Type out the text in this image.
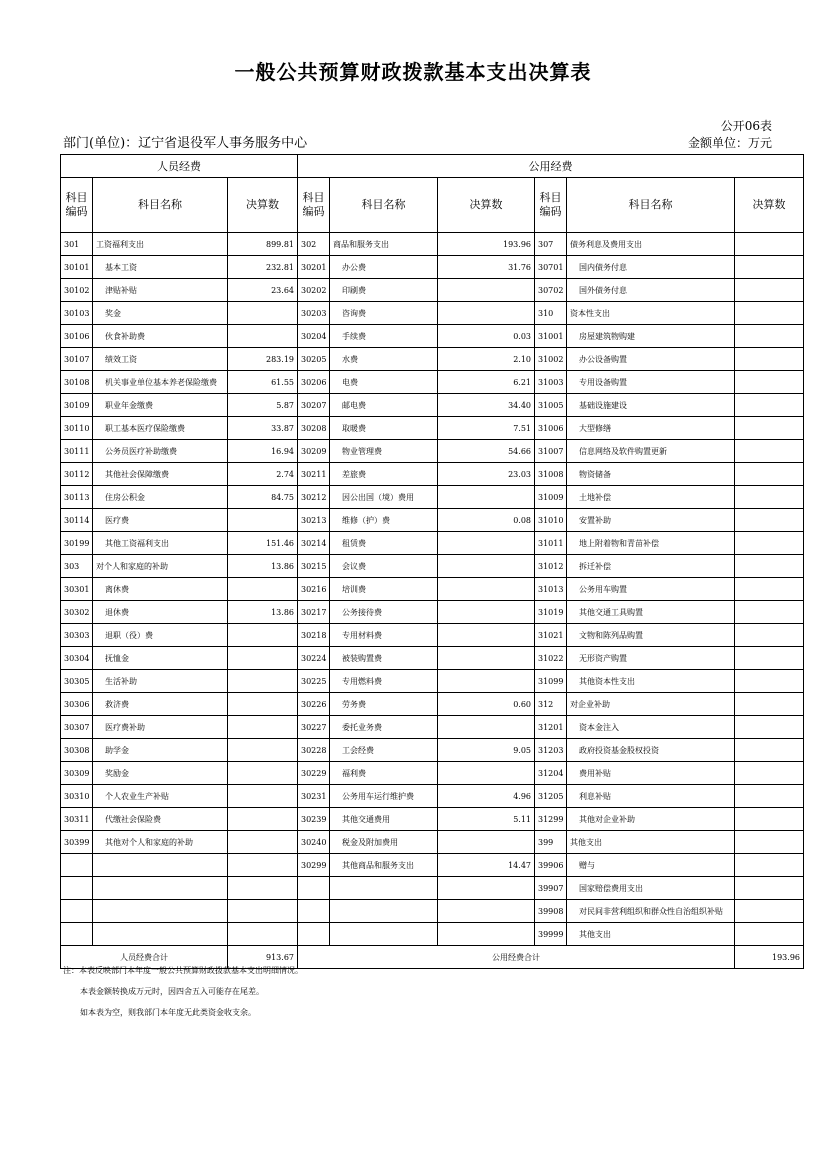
一般公共预算财政拨款基本支出决算表
公开06表
部门(单位)：辽宁省退役军人事务服务中心	金额单位：万元
人员经费			公用经费					
科目
编码	科目名称	决算数	科目
编码	科目名称	决算数	科目
编码	科目名称	决算数
301	工资福利支出	899.81	302	商品和服务支出	193.96	307	债务利息及费用支出	
30101	基本工资	232.81	30201	办公费	31.76	30701	国内债务付息	
30102	津贴补贴	23.64	30202	印刷费		30702	国外债务付息	
30103	奖金		30203	咨询费		310	资本性支出	
30106	伙食补助费		30204	手续费	0.03	31001	房屋建筑物购建	
30107	绩效工资	283.19	30205	水费	2.10	31002	办公设备购置	
30108	机关事业单位基本养老保险缴费	61.55	30206	电费	6.21	31003	专用设备购置	
30109	职业年金缴费	5.87	30207	邮电费	34.40	31005	基础设施建设	
30110	职工基本医疗保险缴费	33.87	30208	取暖费	7.51	31006	大型修缮	
30111	公务员医疗补助缴费	16.94	30209	物业管理费	54.66	31007	信息网络及软件购置更新	
30112	其他社会保障缴费	2.74	30211	差旅费	23.03	31008	物资储备	
30113	住房公积金	84.75	30212	因公出国（境）费用		31009	土地补偿	
30114	医疗费		30213	维修（护）费	0.08	31010	安置补助	
30199	其他工资福利支出	151.46	30214	租赁费		31011	地上附着物和青苗补偿	
303	对个人和家庭的补助	13.86	30215	会议费		31012	拆迁补偿	
30301	离休费		30216	培训费		31013	公务用车购置	
30302	退休费	13.86	30217	公务接待费		31019	其他交通工具购置	
30303	退职（役）费		30218	专用材料费		31021	文物和陈列品购置	
30304	抚恤金		30224	被装购置费		31022	无形资产购置	
30305	生活补助		30225	专用燃料费		31099	其他资本性支出	
30306	救济费		30226	劳务费	0.60	312	对企业补助	
30307	医疗费补助		30227	委托业务费		31201	资本金注入	
30308	助学金		30228	工会经费	9.05	31203	政府投资基金股权投资	
30309	奖励金		30229	福利费		31204	费用补贴	
30310	个人农业生产补贴		30231	公务用车运行维护费	4.96	31205	利息补贴	
30311	代缴社会保险费		30239	其他交通费用	5.11	31299	其他对企业补助	
30399	其他对个人和家庭的补助		30240	税金及附加费用		399	其他支出	
			30299	其他商品和服务支出	14.47	39906	赠与	
						39907	国家赔偿费用支出	
						39908	对民间非营利组织和群众性自治组织补贴	
						39999	其他支出	
人员经费合计		913.67	公用经费合计					193.96
注：本表反映部门本年度一般公共预算财政拨款基本支出明细情况。
本表金额转换成万元时，因四舍五入可能存在尾差。
如本表为空，则我部门本年度无此类资金收支余。
